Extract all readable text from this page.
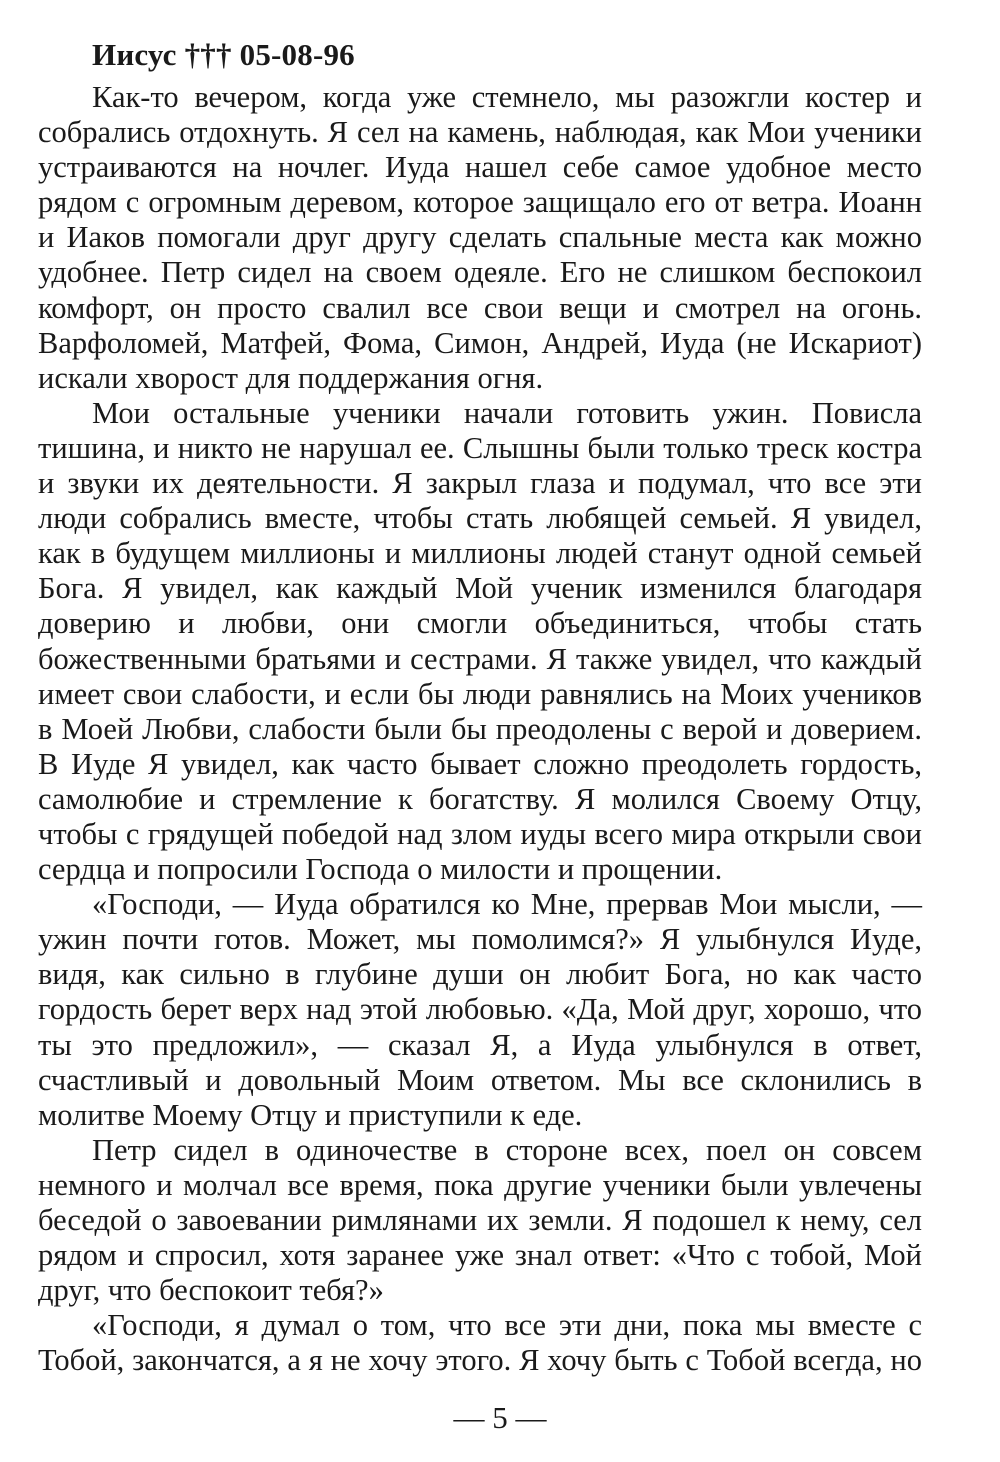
Иисус ††† 05-08-96

Как-то вечером, когда уже стемнело, мы разожгли костер и собрались отдохнуть. Я сел на камень, наблюдая, как Мои ученики устраиваются на ночлег. Иуда нашел себе самое удобное место рядом с огромным деревом, которое защищало его от ветра. Иоанн и Иаков помогали друг другу сделать спальные места как можно удобнее. Петр сидел на своем одеяле. Его не слишком беспокоил комфорт, он просто свалил все свои вещи и смотрел на огонь. Варфоломей, Матфей, Фома, Симон, Андрей, Иуда (не Искариот) искали хворост для поддержания огня.

Мои остальные ученики начали готовить ужин. Повисла тишина, и никто не нарушал ее. Слышны были только треск костра и звуки их деятельности. Я закрыл глаза и подумал, что все эти люди собрались вместе, чтобы стать любящей семьей. Я увидел, как в будущем миллионы и миллионы людей станут одной семьей Бога. Я увидел, как каждый Мой ученик изменился благодаря доверию и любви, они смогли объединиться, чтобы стать божественными братьями и сестрами. Я также увидел, что каждый имеет свои слабости, и если бы люди равнялись на Моих учеников в Моей Любви, слабости были бы преодолены с верой и доверием. В Иуде Я увидел, как часто бывает сложно преодолеть гордость, самолюбие и стремление к богатству. Я молился Своему Отцу, чтобы с грядущей победой над злом иуды всего мира открыли свои сердца и попросили Господа о милости и прощении.

«Господи, — Иуда обратился ко Мне, прервав Мои мысли, — ужин почти готов. Может, мы помолимся?» Я улыбнулся Иуде, видя, как сильно в глубине души он любит Бога, но как часто гордость берет верх над этой любовью. «Да, Мой друг, хорошо, что ты это предложил», — сказал Я, а Иуда улыбнулся в ответ, счастливый и довольный Моим ответом. Мы все склонились в молитве Моему Отцу и приступили к еде.

Петр сидел в одиночестве в стороне всех, поел он совсем немного и молчал все время, пока другие ученики были увлечены беседой о завоевании римлянами их земли. Я подошел к нему, сел рядом и спросил, хотя заранее уже знал ответ: «Что с тобой, Мой друг, что беспокоит тебя?»

«Господи, я думал о том, что все эти дни, пока мы вместе с Тобой, закончатся, а я не хочу этого. Я хочу быть с Тобой всегда, но

— 5 —
